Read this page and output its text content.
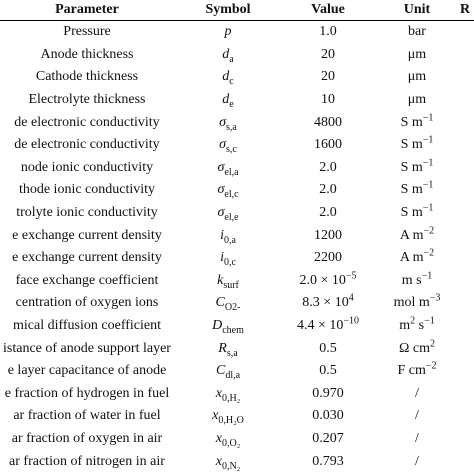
Parameter	Symbol	Value	Unit	R
Pressure	p	1.0	bar	
Anode thickness	$d_a$	20	μm	
Cathode thickness	$d_c$	20	μm	
Electrolyte thickness	$d_e$	10	μm	
de electronic conductivity	$\sigma_{s,a}$	4800	S $m^{-1}$	
de electronic conductivity	$\sigma_{s,c}$	1600	S $m^{-1}$	
node ionic conductivity	$\sigma_{el,a}$	2.0	S $m^{-1}$	
thode ionic conductivity	$\sigma_{el,c}$	2.0	S $m^{-1}$	
trolyte ionic conductivity	$\sigma_{el,e}$	2.0	S $m^{-1}$	
e exchange current density	$i_{0,a}$	1200	A $m^{-2}$	
e exchange current density	$i_{0,c}$	2200	A $m^{-2}$	
face exchange coefficient	$k_{surf}$	$2.0 \times 10^{-5}$	m $s^{-1}$	
centration of oxygen ions	$C_{O2-}$	$8.3 \times 10^4$	mol $m^{-3}$	
mical diffusion coefficient	$D_{chem}$	$4.4 \times 10^{-10}$	$m^2$ $s^{-1}$	
istance of anode support layer	$R_{s,a}$	0.5	Ω $cm^2$	
e layer capacitance of anode	$C_{dl,a}$	0.5	F $cm^{-2}$	
e fraction of hydrogen in fuel	$x_{0,H_2}$	0.970	/	
ar fraction of water in fuel	$x_{0,H_2O}$	0.030	/	
ar fraction of oxygen in air	$x_{0,O_2}$	0.207	/	
ar fraction of nitrogen in air	$x_{0,N_2}$	0.793	/	
